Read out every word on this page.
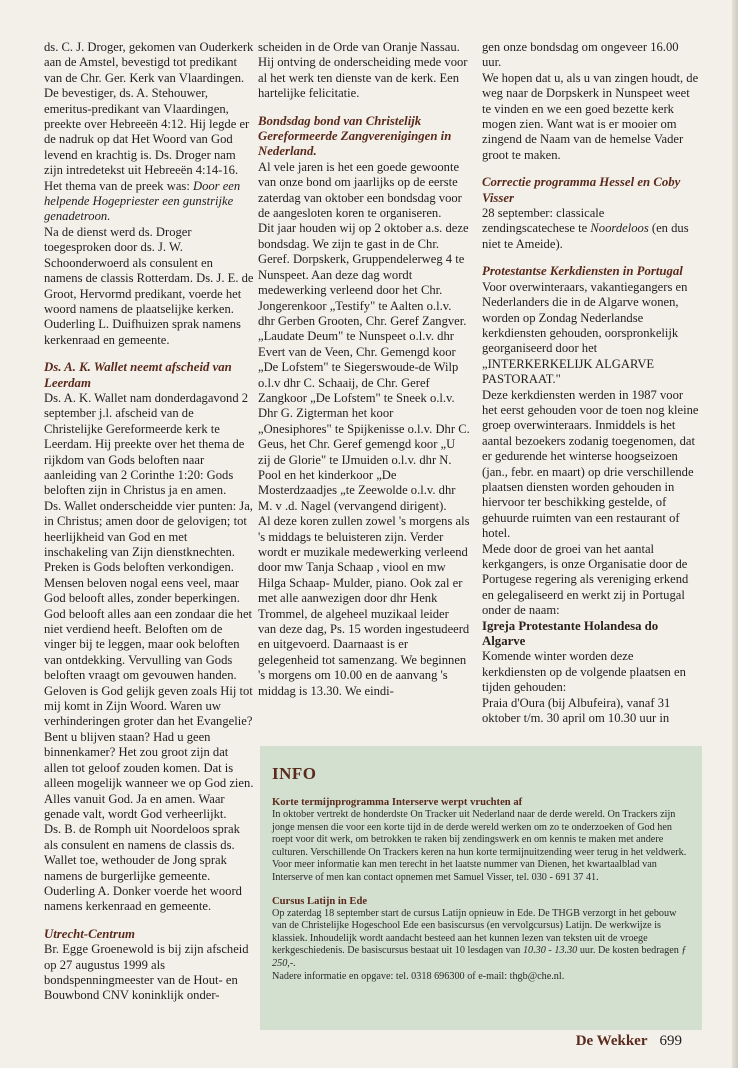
ds. C. J. Droger, gekomen van Ouderkerk aan de Amstel, bevestigd tot predikant van de Chr. Ger. Kerk van Vlaardingen. De bevestiger, ds. A. Stehouwer, emeritus-predikant van Vlaardingen, preekte over Hebreeën 4:12. Hij legde er de nadruk op dat Het Woord van God levend en krachtig is. Ds. Droger nam zijn intredetekst uit Hebreeën 4:14-16. Het thema van de preek was: Door een helpende Hogepriester een gunstrijke genadetroon.

Na de dienst werd ds. Droger toegesproken door ds. J. W. Schoonderwoerd als consulent en namens de classis Rotterdam. Ds. J. E. de Groot, Hervormd predikant, voerde het woord namens de plaatselijke kerken. Ouderling L. Duifhuizen sprak namens kerkenraad en gemeente.

Ds. A. K. Wallet neemt afscheid van Leerdam

Ds. A. K. Wallet nam donderdagavond 2 september j.l. afscheid van de Christelijke Gereformeerde kerk te Leerdam. Hij preekte over het thema de rijkdom van Gods beloften naar aanleiding van 2 Corinthe 1:20: Gods beloften zijn in Christus ja en amen.

Ds. Wallet onderscheidde vier punten: Ja, in Christus; amen door de gelovigen; tot heerlijkheid van God en met inschakeling van Zijn dienstknechten. Preken is Gods beloften verkondigen. Mensen beloven nogal eens veel, maar God belooft alles, zonder beperkingen. God belooft alles aan een zondaar die het niet verdiend heeft. Beloften om de vinger bij te leggen, maar ook beloften van ontdekking. Vervulling van Gods beloften vraagt om gevouwen handen. Geloven is God gelijk geven zoals Hij tot mij komt in Zijn Woord. Waren uw verhinderingen groter dan het Evangelie? Bent u blijven staan? Had u geen binnenkamer? Het zou groot zijn dat allen tot geloof zouden komen. Dat is alleen mogelijk wanneer we op God zien. Alles vanuit God. Ja en amen. Waar genade valt, wordt God verheerlijkt.

Ds. B. de Romph uit Noordeloos sprak als consulent en namens de classis ds. Wallet toe, wethouder de Jong sprak namens de burgerlijke gemeente. Ouderling A. Donker voerde het woord namens kerkenraad en gemeente.

Utrecht-Centrum

Br. Egge Groenewold is bij zijn afscheid op 27 augustus 1999 als bondspenningmeester van de Hout- en Bouwbond CNV koninklijk onder-

scheiden in de Orde van Oranje Nassau. Hij ontving de onderscheiding mede voor al het werk ten dienste van de kerk. Een hartelijke felicitatie.

Bondsdag bond van Christelijk Gereformeerde Zangverenigingen in Nederland.

Al vele jaren is het een goede gewoonte van onze bond om jaarlijks op de eerste zaterdag van oktober een bondsdag voor de aangesloten koren te organiseren.

Dit jaar houden wij op 2 oktober a.s. deze bondsdag. We zijn te gast in de Chr. Geref. Dorpskerk, Gruppendelerweg 4 te Nunspeet. Aan deze dag wordt medewerking verleend door het Chr. Jongerenkoor „Testify" te Aalten o.l.v. dhr Gerben Grooten, Chr. Geref Zangver. „Laudate Deum" te Nunspeet o.l.v. dhr Evert van de Veen, Chr. Gemengd koor „De Lofstem" te Siegerswoude-de Wilp o.l.v dhr C. Schaaij, de Chr. Geref Zangkoor „De Lofstem" te Sneek o.l.v. Dhr G. Zigterman het koor „Onesiphores" te Spijkenisse o.l.v. Dhr C. Geus, het Chr. Geref gemengd koor „U zij de Glorie" te IJmuiden o.l.v. dhr N. Pool en het kinderkoor „De Mosterdzaadjes „te Zeewolde o.l.v. dhr M. v .d. Nagel (vervangend dirigent).

Al deze koren zullen zowel 's morgens als 's middags te beluisteren zijn. Verder wordt er muzikale medewerking verleend door mw Tanja Schaap , viool en mw Hilga Schaap- Mulder, piano. Ook zal er met alle aanwezigen door dhr Henk Trommel, de algeheel muzikaal leider van deze dag, Ps. 15 worden ingestudeerd en uitgevoerd. Daarnaast is er gelegenheid tot samenzang. We beginnen 's morgens om 10.00 en de aanvang 's middag is 13.30. We eindi-

gen onze bondsdag om ongeveer 16.00 uur.

We hopen dat u, als u van zingen houdt, de weg naar de Dorpskerk in Nunspeet weet te vinden en we een goed bezette kerk mogen zien. Want wat is er mooier om zingend de Naam van de hemelse Vader groot te maken.

Correctie programma Hessel en Coby Visser

28 september: classicale zendingscatechese te Noordeloos (en dus niet te Ameide).

Protestantse Kerkdiensten in Portugal

Voor overwinteraars, vakantiegangers en Nederlanders die in de Algarve wonen, worden op Zondag Nederlandse kerkdiensten gehouden, oorspronkelijk georganiseerd door het „INTERKERKELIJK ALGARVE PASTORAAT."

Deze kerkdiensten werden in 1987 voor het eerst gehouden voor de toen nog kleine groep overwinteraars. Inmiddels is het aantal bezoekers zodanig toegenomen, dat er gedurende het winterse hoogseizoen (jan., febr. en maart) op drie verschillende plaatsen diensten worden gehouden in hiervoor ter beschikking gestelde, of gehuurde ruimten van een restaurant of hotel.

Mede door de groei van het aantal kerkgangers, is onze Organisatie door de Portugese regering als vereniging erkend en gelegaliseerd en werkt zij in Portugal onder de naam:

Igreja Protestante Holandesa do Algarve

Komende winter worden deze kerkdiensten op de volgende plaatsen en tijden gehouden:

Praia d'Oura (bij Albufeira), vanaf 31 oktober t/m. 30 april om 10.30 uur in

INFO
Korte termijnprogramma Interserve werpt vruchten af

In oktober vertrekt de honderdste On Tracker uit Nederland naar de derde wereld. On Trackers zijn jonge mensen die voor een korte tijd in de derde wereld werken om zo te onderzoeken of God hen roept voor dit werk, om betrokken te raken bij zendingswerk en om kennis te maken met andere culturen. Verschillende On Trackers keren na hun korte termijnuitzending weer terug in het veldwerk. Voor meer informatie kan men terecht in het laatste nummer van Dienen, het kwartaalblad van Interserve of men kan contact opnemen met Samuel Visser, tel. 030 - 691 37 41.

Cursus Latijn in Ede

Op zaterdag 18 september start de cursus Latijn opnieuw in Ede. De THGB verzorgt in het gebouw van de Christelijke Hogeschool Ede een basiscursus (en vervolgcursus) Latijn. De werkwijze is klassiek. Inhoudelijk wordt aandacht besteed aan het kunnen lezen van teksten uit de vroege kerkgeschiedenis. De basiscursus bestaat uit 10 lesdagen van 10.30 - 13.30 uur. De kosten bedragen ƒ 250,-.

Nadere informatie en opgave: tel. 0318 696300 of e-mail: thgb@che.nl.

De Wekker 699
